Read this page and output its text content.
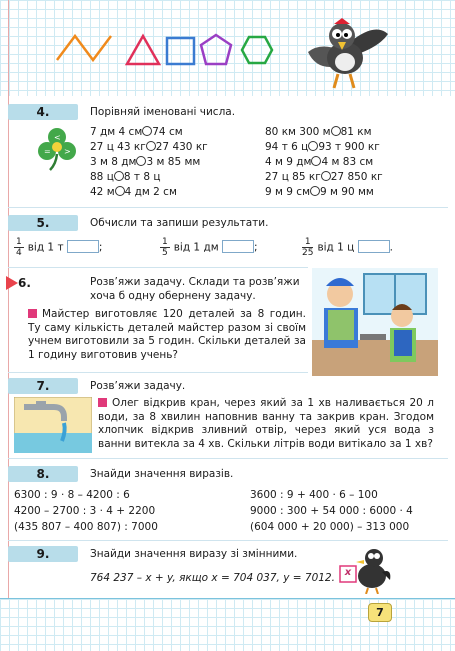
4.	Порівняй іменовані числа.
<
= >
7 дм 4 см 74 см
27 ц 43 кг 27 430 кг
3 м 8 дм 3 м 85 мм
88 ц 8 т 8 ц
42 м 4 дм 2 см
80 км 300 м 81 км
94 т 6 ц 93 т 900 кг
4 м 9 дм 4 м 83 см
27 ц 85 кг 27 850 кг
9 м 9 см 9 м 90 мм
5.	Обчисли та запиши результати.
$\frac{1}{4}$ від 1 т	;	$\frac{1}{5}$ від 1 дм	;	$\frac{1}{25}$ від 1 ц	.
6.	Розв’яжи задачу. Склади та розв’яжи
хоча б одну обернену задачу.
Майстер виготовляє 120 деталей за 8 годин. Ту саму кількість деталей майстер разом зі своїм учнем виготовили за 5 годин. Скільки деталей за 1 годину виготовив учень?
7.	Розв’яжи задачу.
Олег відкрив кран, через який за 1 хв наливається 20 л води, за 8 хвилин наповнив ванну та закрив кран. Згодом хлопчик відкрив зливний отвір, через який уся вода з ванни витекла за 4 хв. Скільки літрів води витікало за 1 хв?
8.	Знайди значення виразів.
6300 : 9 · 8 – 4200 : 6
4200 – 2700 : 3 · 4 + 2200
(435 807 – 400 807) : 7000
3600 : 9 + 400 · 6 – 100
9000 : 300 + 54 000 : 6000 · 4
(604 000 + 20 000) – 313 000
9.	Знайди значення виразу зі змінними.
764 237 – x + y, якщо x = 704 037, y = 7012. x
7
